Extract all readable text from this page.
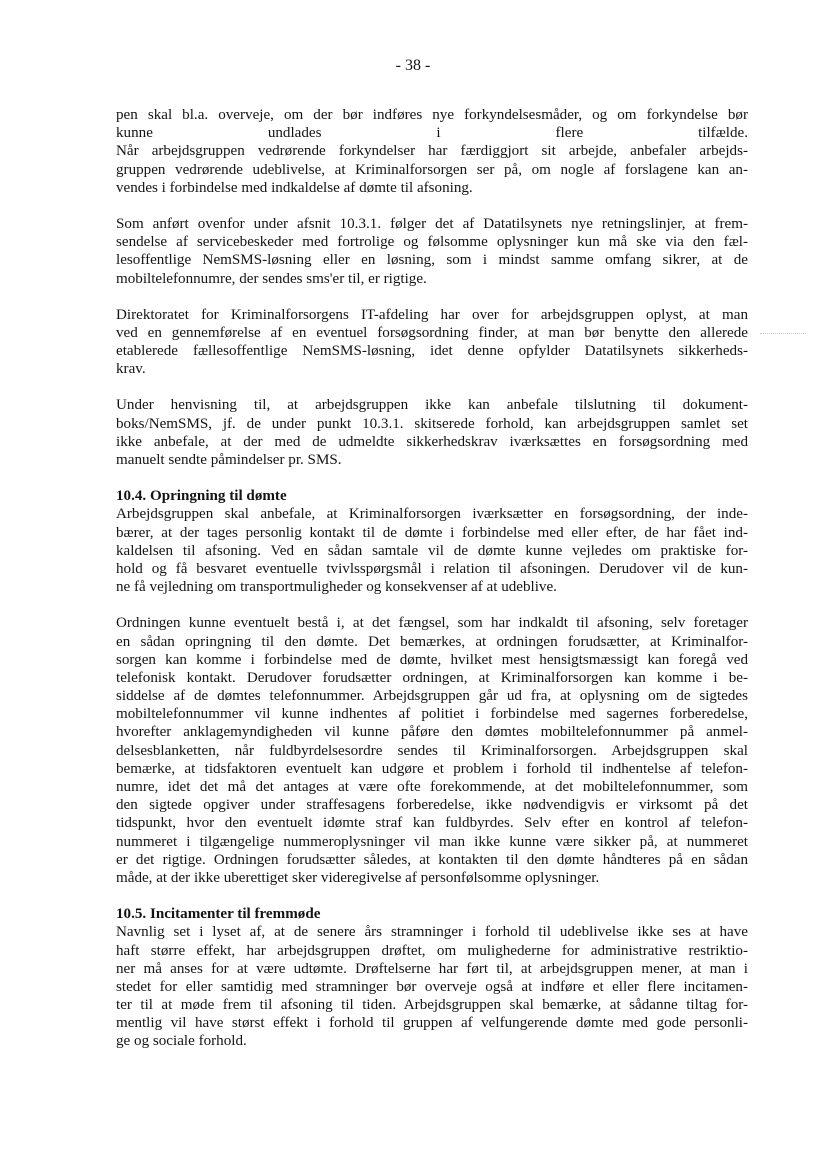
- 38 -
pen skal bl.a. overveje, om der bør indføres nye forkyndelsesmåder, og om forkyndelse bør
kunne undlades i flere tilfælde.
Når arbejdsgruppen vedrørende forkyndelser har færdiggjort sit arbejde, anbefaler arbejds-
gruppen vedrørende udeblivelse, at Kriminalforsorgen ser på, om nogle af forslagene kan an-
vendes i forbindelse med indkaldelse af dømte til afsoning.
Som anført ovenfor under afsnit 10.3.1. følger det af Datatilsynets nye retningslinjer, at frem-
sendelse af servicebeskeder med fortrolige og følsomme oplysninger kun må ske via den fæl-
lesoffentlige NemSMS-løsning eller en løsning, som i mindst samme omfang sikrer, at de
mobiltelefonnumre, der sendes sms'er til, er rigtige.
Direktoratet for Kriminalforsorgens IT-afdeling har over for arbejdsgruppen oplyst, at man
ved en gennemførelse af en eventuel forsøgsordning finder, at man bør benytte den allerede
etablerede fællesoffentlige NemSMS-løsning, idet denne opfylder Datatilsynets sikkerheds-
krav.
Under henvisning til, at arbejdsgruppen ikke kan anbefale tilslutning til dokument-
boks/NemSMS, jf. de under punkt 10.3.1. skitserede forhold, kan arbejdsgruppen samlet set
ikke anbefale, at der med de udmeldte sikkerhedskrav iværksættes en forsøgsordning med
manuelt sendte påmindelser pr. SMS.
10.4. Opringning til dømte
Arbejdsgruppen skal anbefale, at Kriminalforsorgen iværksætter en forsøgsordning, der inde-
bærer, at der tages personlig kontakt til de dømte i forbindelse med eller efter, de har fået ind-
kaldelsen til afsoning. Ved en sådan samtale vil de dømte kunne vejledes om praktiske for-
hold og få besvaret eventuelle tvivlsspørgsmål i relation til afsoningen. Derudover vil de kun-
ne få vejledning om transportmuligheder og konsekvenser af at udeblive.
Ordningen kunne eventuelt bestå i, at det fængsel, som har indkaldt til afsoning, selv foretager
en sådan opringning til den dømte. Det bemærkes, at ordningen forudsætter, at Kriminalfor-
sorgen kan komme i forbindelse med de dømte, hvilket mest hensigtsmæssigt kan foregå ved
telefonisk kontakt. Derudover forudsætter ordningen, at Kriminalforsorgen kan komme i be-
siddelse af de dømtes telefonnummer. Arbejdsgruppen går ud fra, at oplysning om de sigtedes
mobiltelefonnummer vil kunne indhentes af politiet i forbindelse med sagernes forberedelse,
hvorefter anklagemyndigheden vil kunne påføre den dømtes mobiltelefonnummer på anmel-
delsesblanketten, når fuldbyrdelsesordre sendes til Kriminalforsorgen. Arbejdsgruppen skal
bemærke, at tidsfaktoren eventuelt kan udgøre et problem i forhold til indhentelse af telefon-
numre, idet det må det antages at være ofte forekommende, at det mobiltelefonnummer, som
den sigtede opgiver under straffesagens forberedelse, ikke nødvendigvis er virksomt på det
tidspunkt, hvor den eventuelt idømte straf kan fuldbyrdes. Selv efter en kontrol af telefon-
nummeret i tilgængelige nummeroplysninger vil man ikke kunne være sikker på, at nummeret
er det rigtige. Ordningen forudsætter således, at kontakten til den dømte håndteres på en sådan
måde, at der ikke uberettiget sker videregivelse af personfølsomme oplysninger.
10.5. Incitamenter til fremmøde
Navnlig set i lyset af, at de senere års stramninger i forhold til udeblivelse ikke ses at have
haft større effekt, har arbejdsgruppen drøftet, om mulighederne for administrative restriktio-
ner må anses for at være udtømte. Drøftelserne har ført til, at arbejdsgruppen mener, at man i
stedet for eller samtidig med stramninger bør overveje også at indføre et eller flere incitamen-
ter til at møde frem til afsoning til tiden. Arbejdsgruppen skal bemærke, at sådanne tiltag for-
mentlig vil have størst effekt i forhold til gruppen af velfungerende dømte med gode personli-
ge og sociale forhold.
